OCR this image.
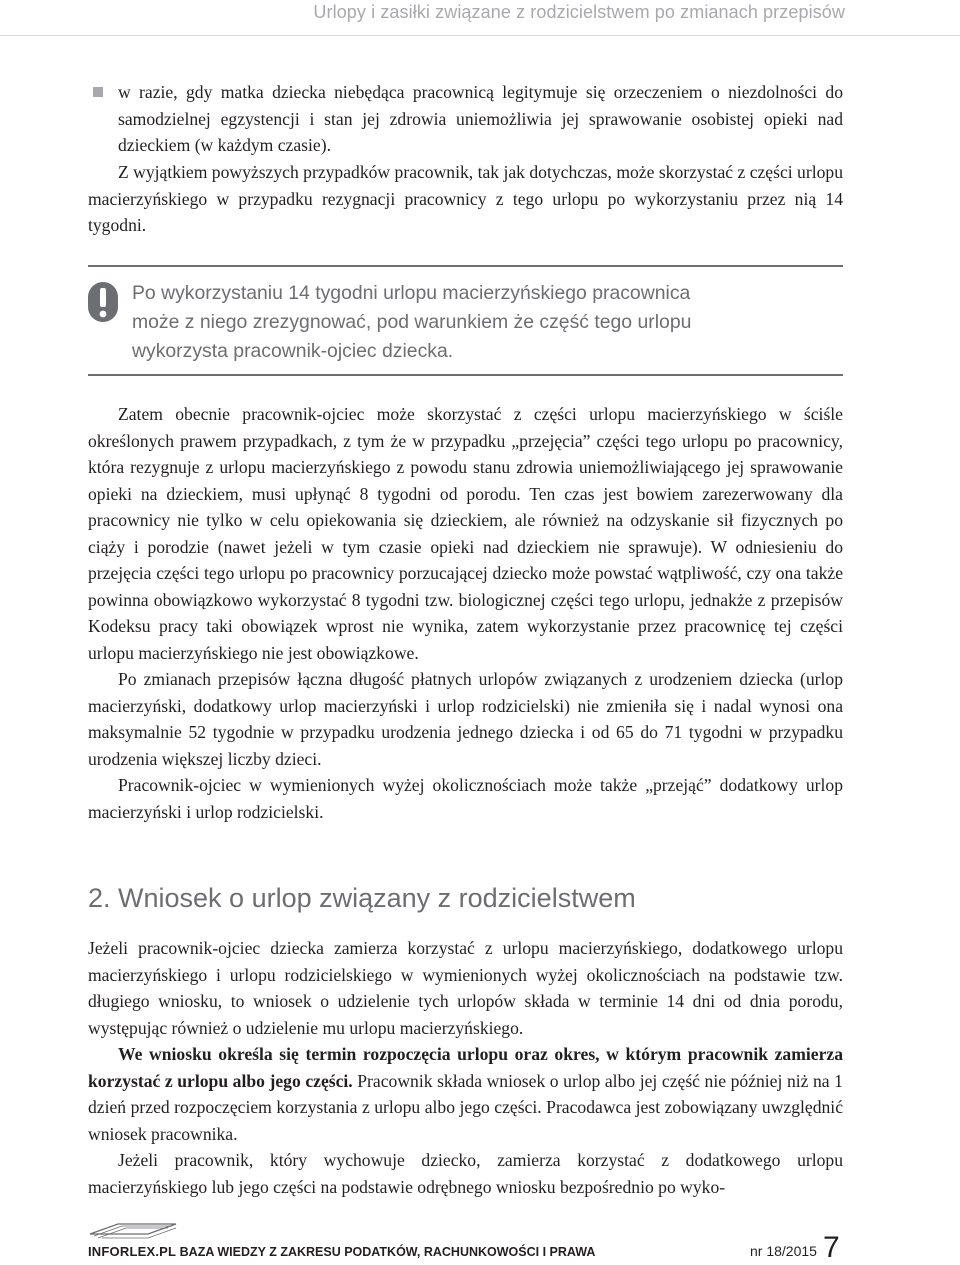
Urlopy i zasiłki związane z rodzicielstwem po zmianach przepisów
w razie, gdy matka dziecka niebędąca pracownicą legitymuje się orzeczeniem o niezdolności do samodzielnej egzystencji i stan jej zdrowia uniemożliwia jej sprawowanie osobistej opieki nad dzieckiem (w każdym czasie).

Z wyjątkiem powyższych przypadków pracownik, tak jak dotychczas, może skorzystać z części urlopu macierzyńskiego w przypadku rezygnacji pracownicy z tego urlopu po wykorzystaniu przez nią 14 tygodni.

Po wykorzystaniu 14 tygodni urlopu macierzyńskiego pracownica
może z niego zrezygnować, pod warunkiem że część tego urlopu
wykorzysta pracownik-ojciec dziecka.

Zatem obecnie pracownik-ojciec może skorzystać z części urlopu macierzyńskiego w ściśle określonych prawem przypadkach, z tym że w przypadku „przejęcia” części tego urlopu po pracownicy, która rezygnuje z urlopu macierzyńskiego z powodu stanu zdrowia uniemożliwiającego jej sprawowanie opieki na dzieckiem, musi upłynąć 8 tygodni od porodu. Ten czas jest bowiem zarezerwowany dla pracownicy nie tylko w celu opiekowania się dzieckiem, ale również na odzyskanie sił fizycznych po ciąży i porodzie (nawet jeżeli w tym czasie opieki nad dzieckiem nie sprawuje). W odniesieniu do przejęcia części tego urlopu po pracownicy porzucającej dziecko może powstać wątpliwość, czy ona także powinna obowiązkowo wykorzystać 8 tygodni tzw. biologicznej części tego urlopu, jednakże z przepisów Kodeksu pracy taki obowiązek wprost nie wynika, zatem wykorzystanie przez pracownicę tej części urlopu macierzyńskiego nie jest obowiązkowe.

Po zmianach przepisów łączna długość płatnych urlopów związanych z urodzeniem dziecka (urlop macierzyński, dodatkowy urlop macierzyński i urlop rodzicielski) nie zmieniła się i nadal wynosi ona maksymalnie 52 tygodnie w przypadku urodzenia jednego dziecka i od 65 do 71 tygodni w przypadku urodzenia większej liczby dzieci.

Pracownik-ojciec w wymienionych wyżej okolicznościach może także „przejąć” dodatkowy urlop macierzyński i urlop rodzicielski.

2. Wniosek o urlop związany z rodzicielstwem

Jeżeli pracownik-ojciec dziecka zamierza korzystać z urlopu macierzyńskiego, dodatkowego urlopu macierzyńskiego i urlopu rodzicielskiego w wymienionych wyżej okolicznościach na podstawie tzw. długiego wniosku, to wniosek o udzielenie tych urlopów składa w terminie 14 dni od dnia porodu, występując również o udzielenie mu urlopu macierzyńskiego.

We wniosku określa się termin rozpoczęcia urlopu oraz okres, w którym pracownik zamierza korzystać z urlopu albo jego części. Pracownik składa wniosek o urlop albo jej część nie później niż na 1 dzień przed rozpoczęciem korzystania z urlopu albo jego części. Pracodawca jest zobowiązany uwzględnić wniosek pracownika.

Jeżeli pracownik, który wychowuje dziecko, zamierza korzystać z dodatkowego urlopu macierzyńskiego lub jego części na podstawie odrębnego wniosku bezpośrednio po wyko-

INFORLEX.PL BAZA WIEDZY Z ZAKRESU PODATKÓW, RACHUNKOWOŚCI I PRAWA	nr 18/2015 7
